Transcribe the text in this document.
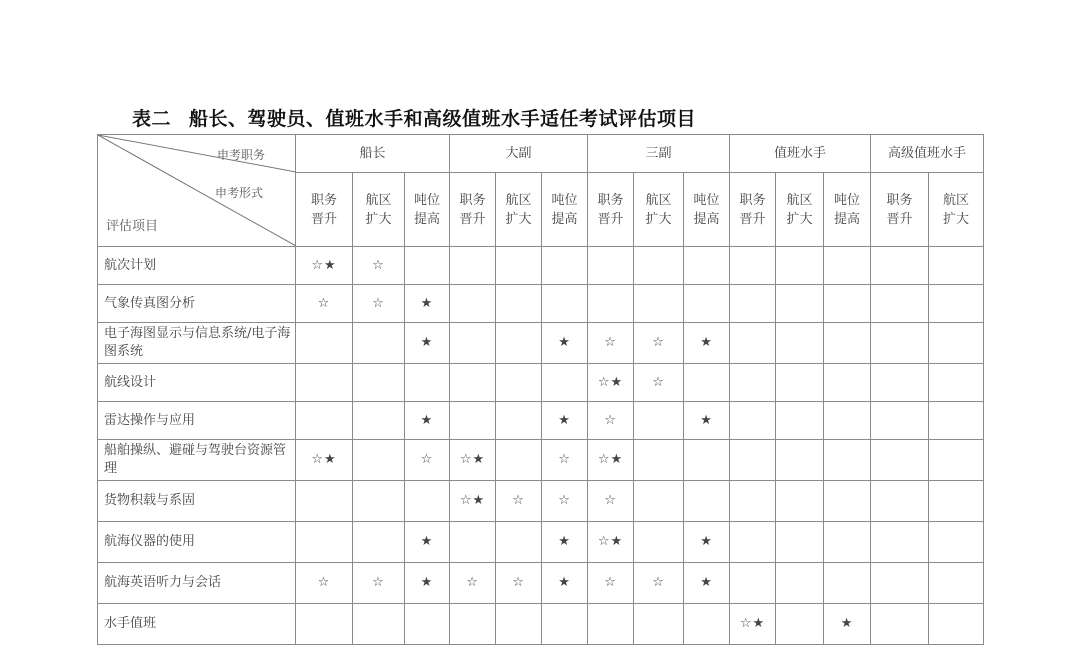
表二 船长、驾驶员、值班水手和高级值班水手适任考试评估项目
申考职务
申考形式
评估项目	船长			大副			三副			值班水手			高级值班水手	
	职务晋升	航区扩大	吨位提高	职务晋升	航区扩大	吨位提高	职务晋升	航区扩大	吨位提高	职务晋升	航区扩大	吨位提高	职务晋升	航区扩大
航次计划	☆★	☆												
气象传真图分析	☆	☆	★											
电子海图显示与信息系统/电子海图系统			★			★	☆	☆	★					
航线设计							☆★	☆						
雷达操作与应用			★			★	☆		★					
船舶操纵、避碰与驾驶台资源管理	☆★		☆	☆★		☆	☆★							
货物积载与系固				☆★	☆	☆	☆							
航海仪器的使用			★			★	☆★		★					
航海英语听力与会话	☆	☆	★	☆	☆	★	☆	☆	★					
水手值班										☆★		★		
